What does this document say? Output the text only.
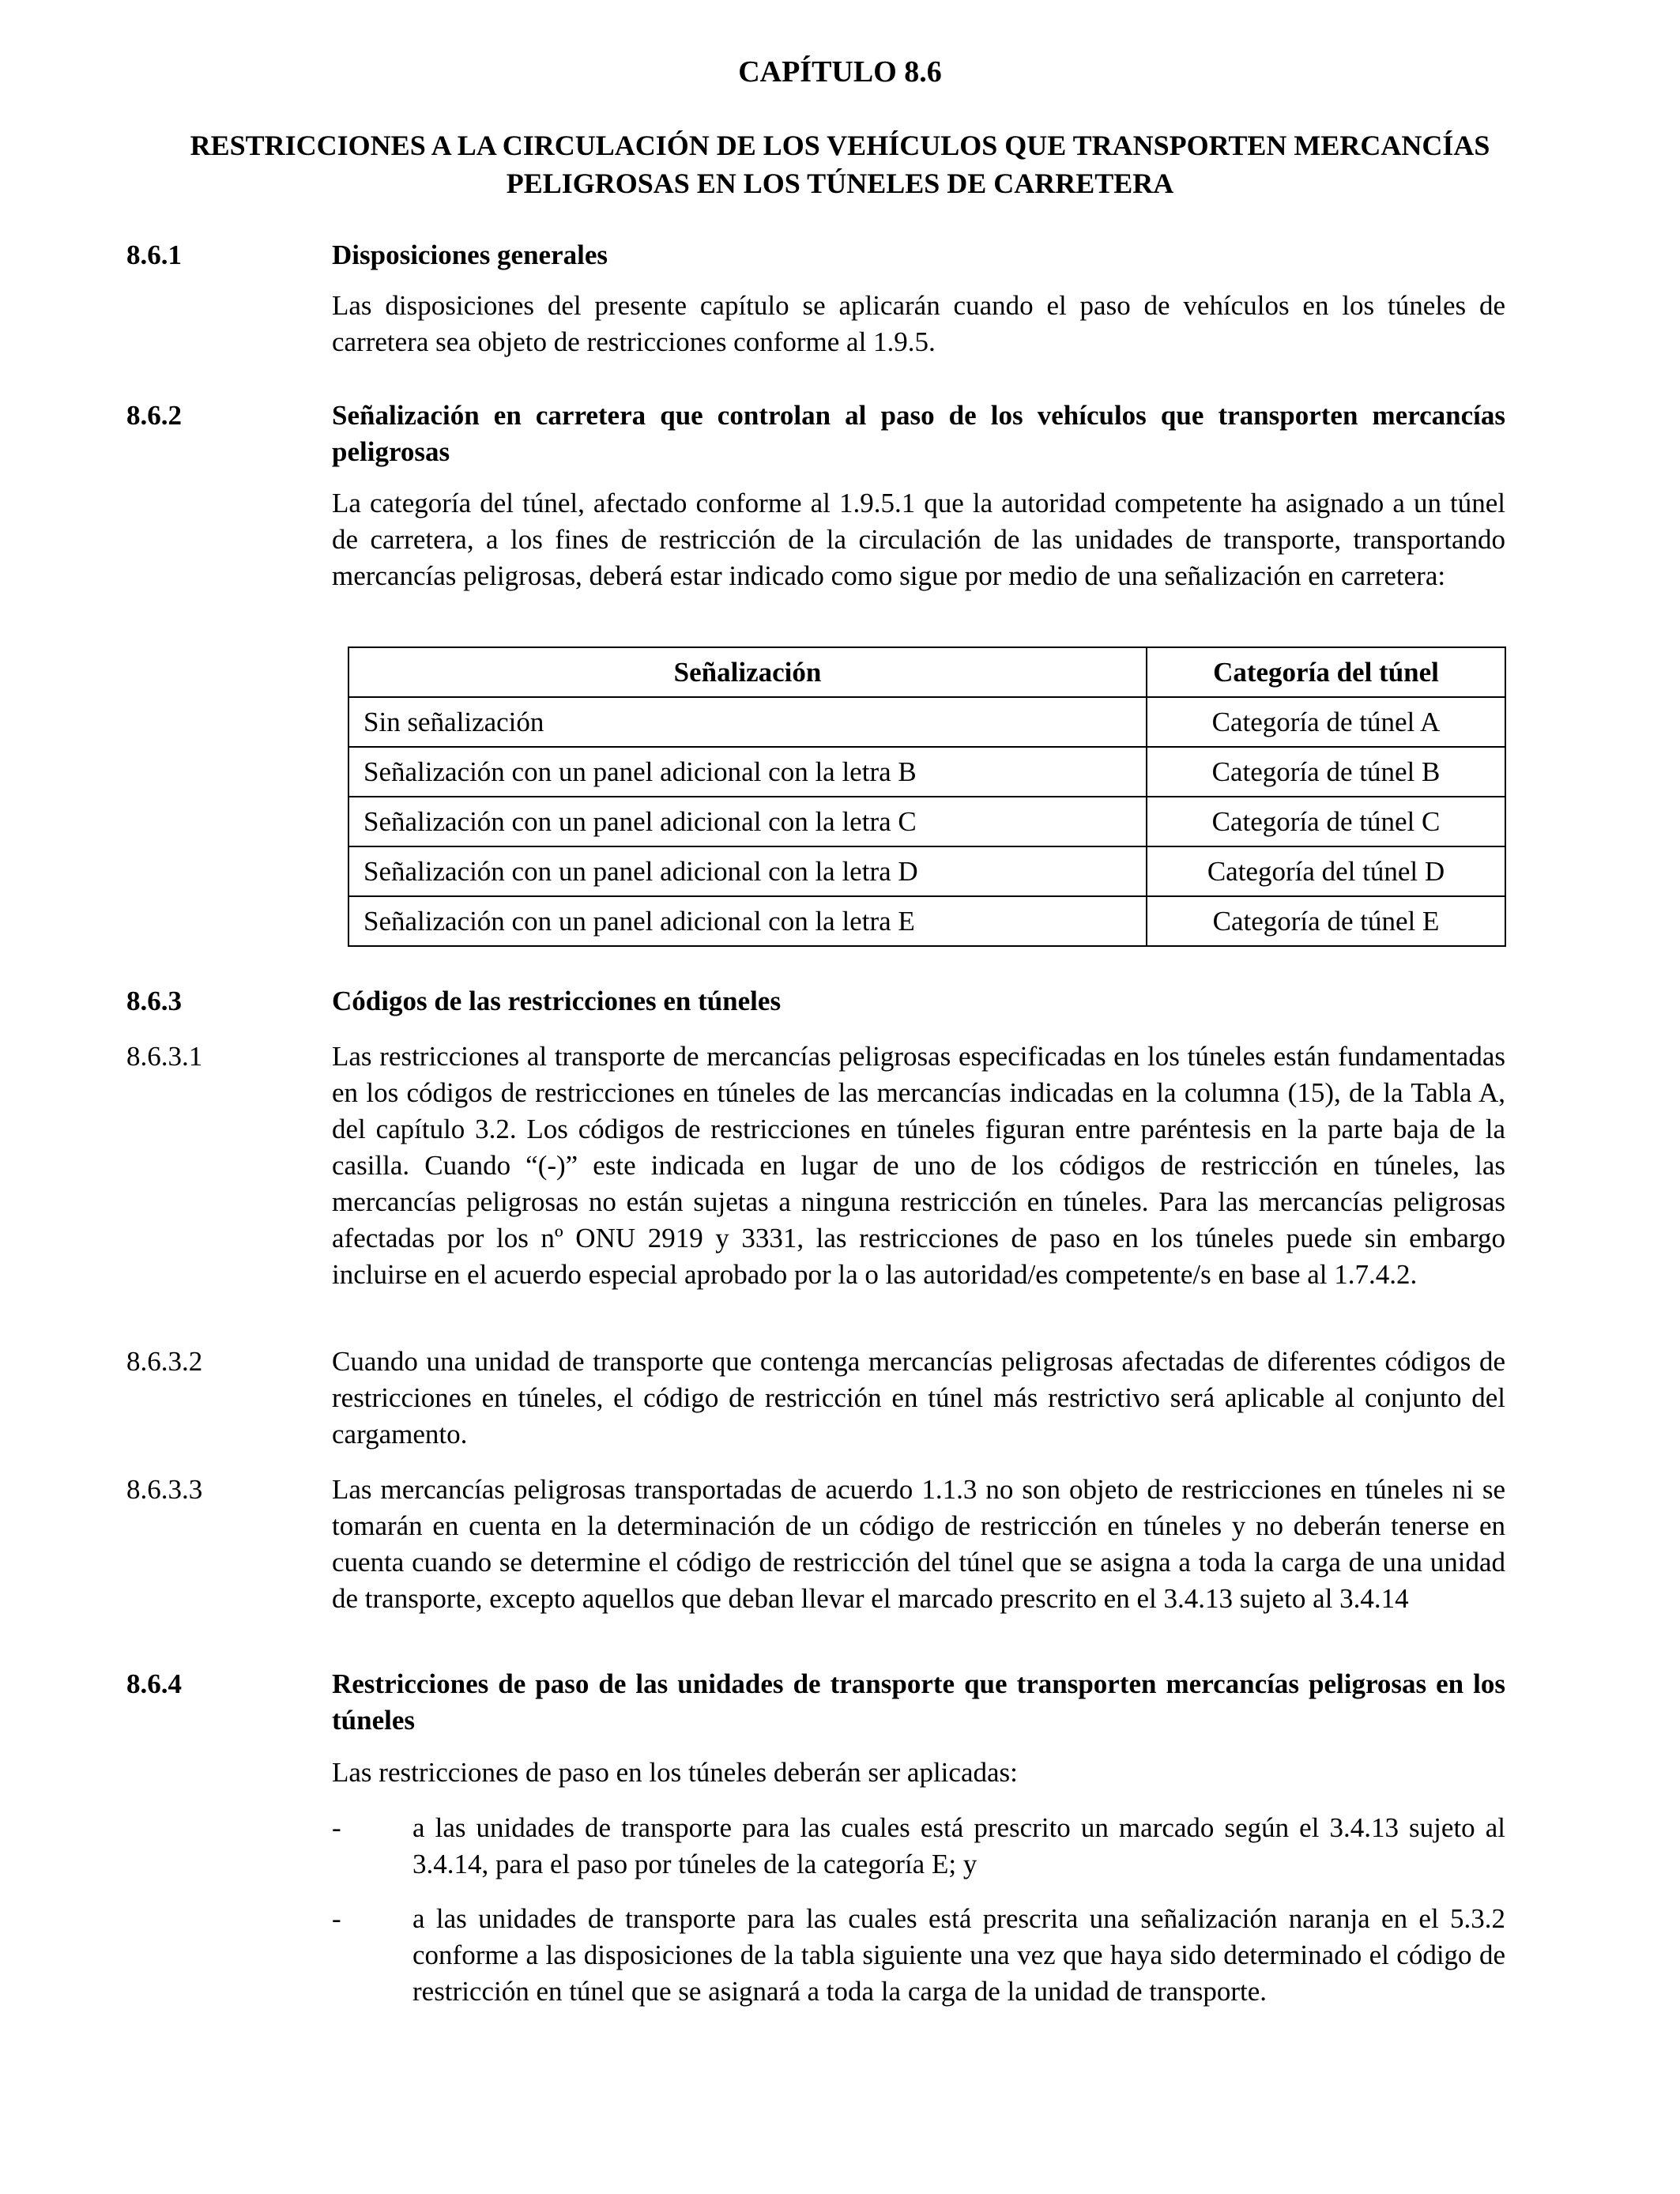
CAPÍTULO 8.6
RESTRICCIONES A LA CIRCULACIÓN DE LOS VEHÍCULOS QUE TRANSPORTEN MERCANCÍAS PELIGROSAS EN LOS TÚNELES DE CARRETERA
8.6.1	Disposiciones generales
Las disposiciones del presente capítulo se aplicarán cuando el paso de vehículos en los túneles de carretera sea objeto de restricciones conforme al 1.9.5.
8.6.2	Señalización en carretera que controlan al paso de los vehículos que transporten mercancías peligrosas
La categoría del túnel, afectado conforme al 1.9.5.1 que la autoridad competente ha asignado a un túnel de carretera, a los fines de restricción de la circulación de las unidades de transporte, transportando mercancías peligrosas, deberá estar indicado como sigue por medio de una señalización en carretera:
Señalización	Categoría del túnel
Sin señalización	Categoría de túnel A
Señalización con un panel adicional con la letra B	Categoría de túnel B
Señalización con un panel adicional con la letra C	Categoría de túnel C
Señalización con un panel adicional con la letra D	Categoría del túnel D
Señalización con un panel adicional con la letra E	Categoría de túnel E
8.6.3	Códigos de las restricciones en túneles
8.6.3.1	Las restricciones al transporte de mercancías peligrosas especificadas en los túneles están fundamentadas en los códigos de restricciones en túneles de las mercancías indicadas en la columna (15), de la Tabla A, del capítulo 3.2. Los códigos de restricciones en túneles figuran entre paréntesis en la parte baja de la casilla. Cuando “(-)” este indicada en lugar de uno de los códigos de restricción en túneles, las mercancías peligrosas no están sujetas a ninguna restricción en túneles. Para las mercancías peligrosas afectadas por los nº ONU 2919 y 3331, las restricciones de paso en los túneles puede sin embargo incluirse en el acuerdo especial aprobado por la o las autoridad/es competente/s en base al 1.7.4.2.
8.6.3.2	Cuando una unidad de transporte que contenga mercancías peligrosas afectadas de diferentes códigos de restricciones en túneles, el código de restricción en túnel más restrictivo será aplicable al conjunto del cargamento.
8.6.3.3	Las mercancías peligrosas transportadas de acuerdo 1.1.3 no son objeto de restricciones en túneles ni se tomarán en cuenta en la determinación de un código de restricción en túneles y no deberán tenerse en cuenta cuando se determine el código de restricción del túnel que se asigna a toda la carga de una unidad de transporte, excepto aquellos que deban llevar el marcado prescrito en el 3.4.13 sujeto al 3.4.14
8.6.4	Restricciones de paso de las unidades de transporte que transporten mercancías peligrosas en los túneles
Las restricciones de paso en los túneles deberán ser aplicadas:
-	a las unidades de transporte para las cuales está prescrito un marcado según el 3.4.13 sujeto al 3.4.14, para el paso por túneles de la categoría E; y
-	a las unidades de transporte para las cuales está prescrita una señalización naranja en el 5.3.2 conforme a las disposiciones de la tabla siguiente una vez que haya sido determinado el código de restricción en túnel que se asignará a toda la carga de la unidad de transporte.
